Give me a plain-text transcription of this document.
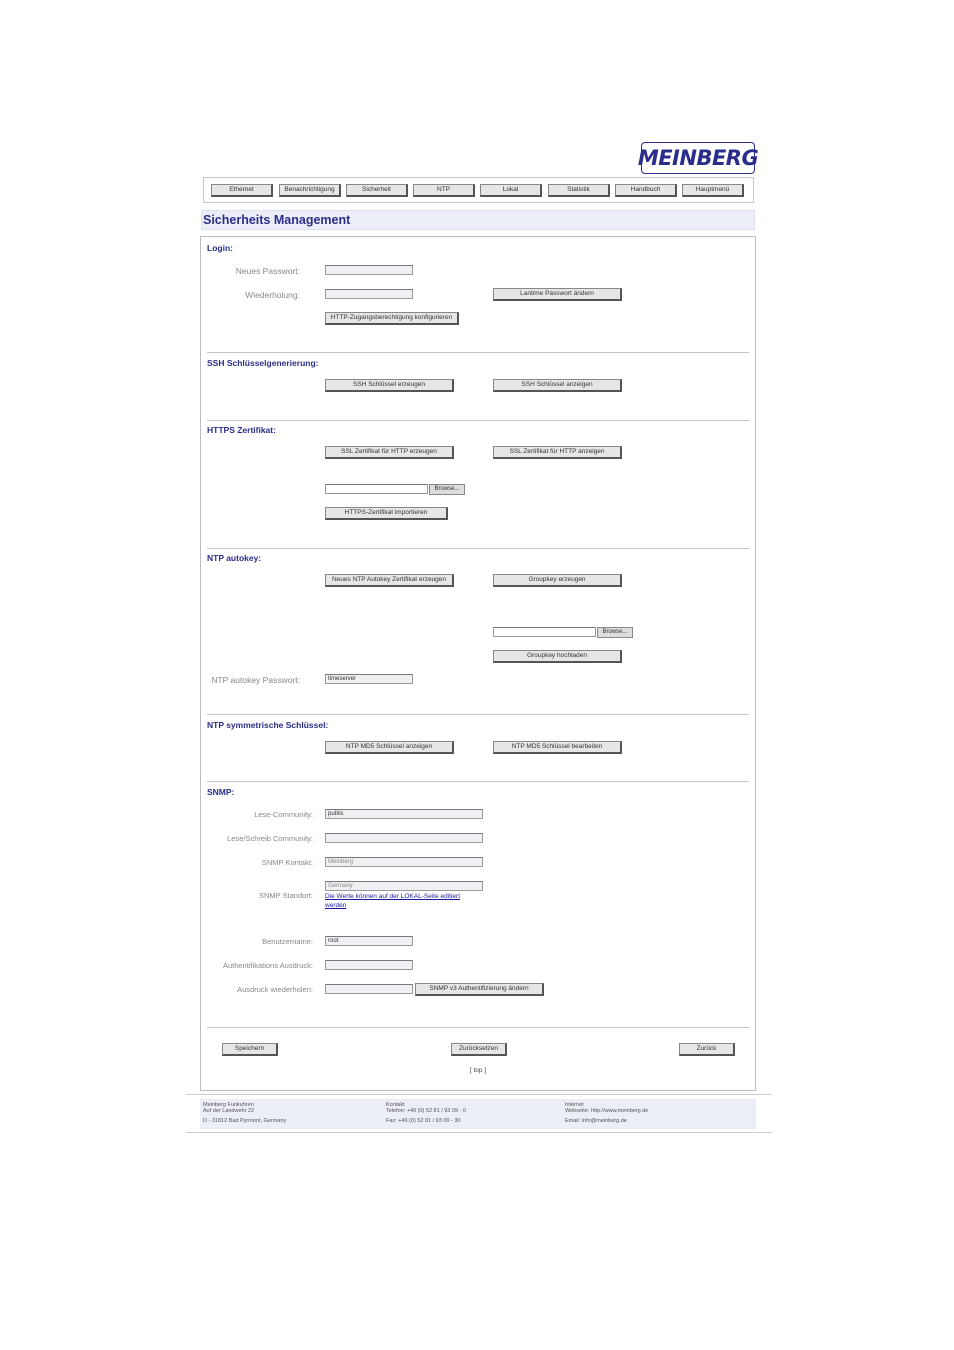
MEINBERG
Ethernet	Benachrichtigung	Sicherheit	NTP	Lokal	Statistik	Handbuch	Hauptmenü
Sicherheits Management
Login:
Neues Passwort:
Wiederholung:	Lantime Passwort ändern
HTTP-Zugangsberechtigung konfigurieren
SSH Schlüsselgenerierung:
SSH Schlüssel erzeugen	SSH Schlüssel anzeigen
HTTPS Zertifikat:
SSL Zertifikat für HTTP erzeugen	SSL Zertifikat für HTTP anzeigen
Browse...
HTTPS-Zertifikat importieren
NTP autokey:
Neues NTP Autokey Zertifikat erzeugen	Groupkey erzeugen
Browse...
Groupkey hochladen
NTP autokey Passwort:	timeserver
NTP symmetrische Schlüssel:
NTP MD5 Schlüssel anzeigen	NTP MD5 Schlüssel bearbeiten
SNMP:
Lese-Community:	public
Lese/Schreib Community:
SNMP Kontakt:	Meinberg
SNMP Standort:
Germany
Die Werte können auf der LOKAL-Seite editiert
werden
Benutzername:	root
Authentifikations Ausdruck:
Ausdruck wiederholen:	SNMP v3 Authentifizierung ändern
Speichern	Zurücksetzen	Zurück
[ top ]
Meinberg Funkuhren
Auf der Landwehr 22
D - 31812 Bad Pyrmont, Germany
Kontakt
Telefon: +49 (0) 52 81 / 93 09 - 0
Fax: +49 (0) 52 81 / 93 09 - 30
Internet
Webseite: http://www.meinberg.de
Email: info@meinberg.de
